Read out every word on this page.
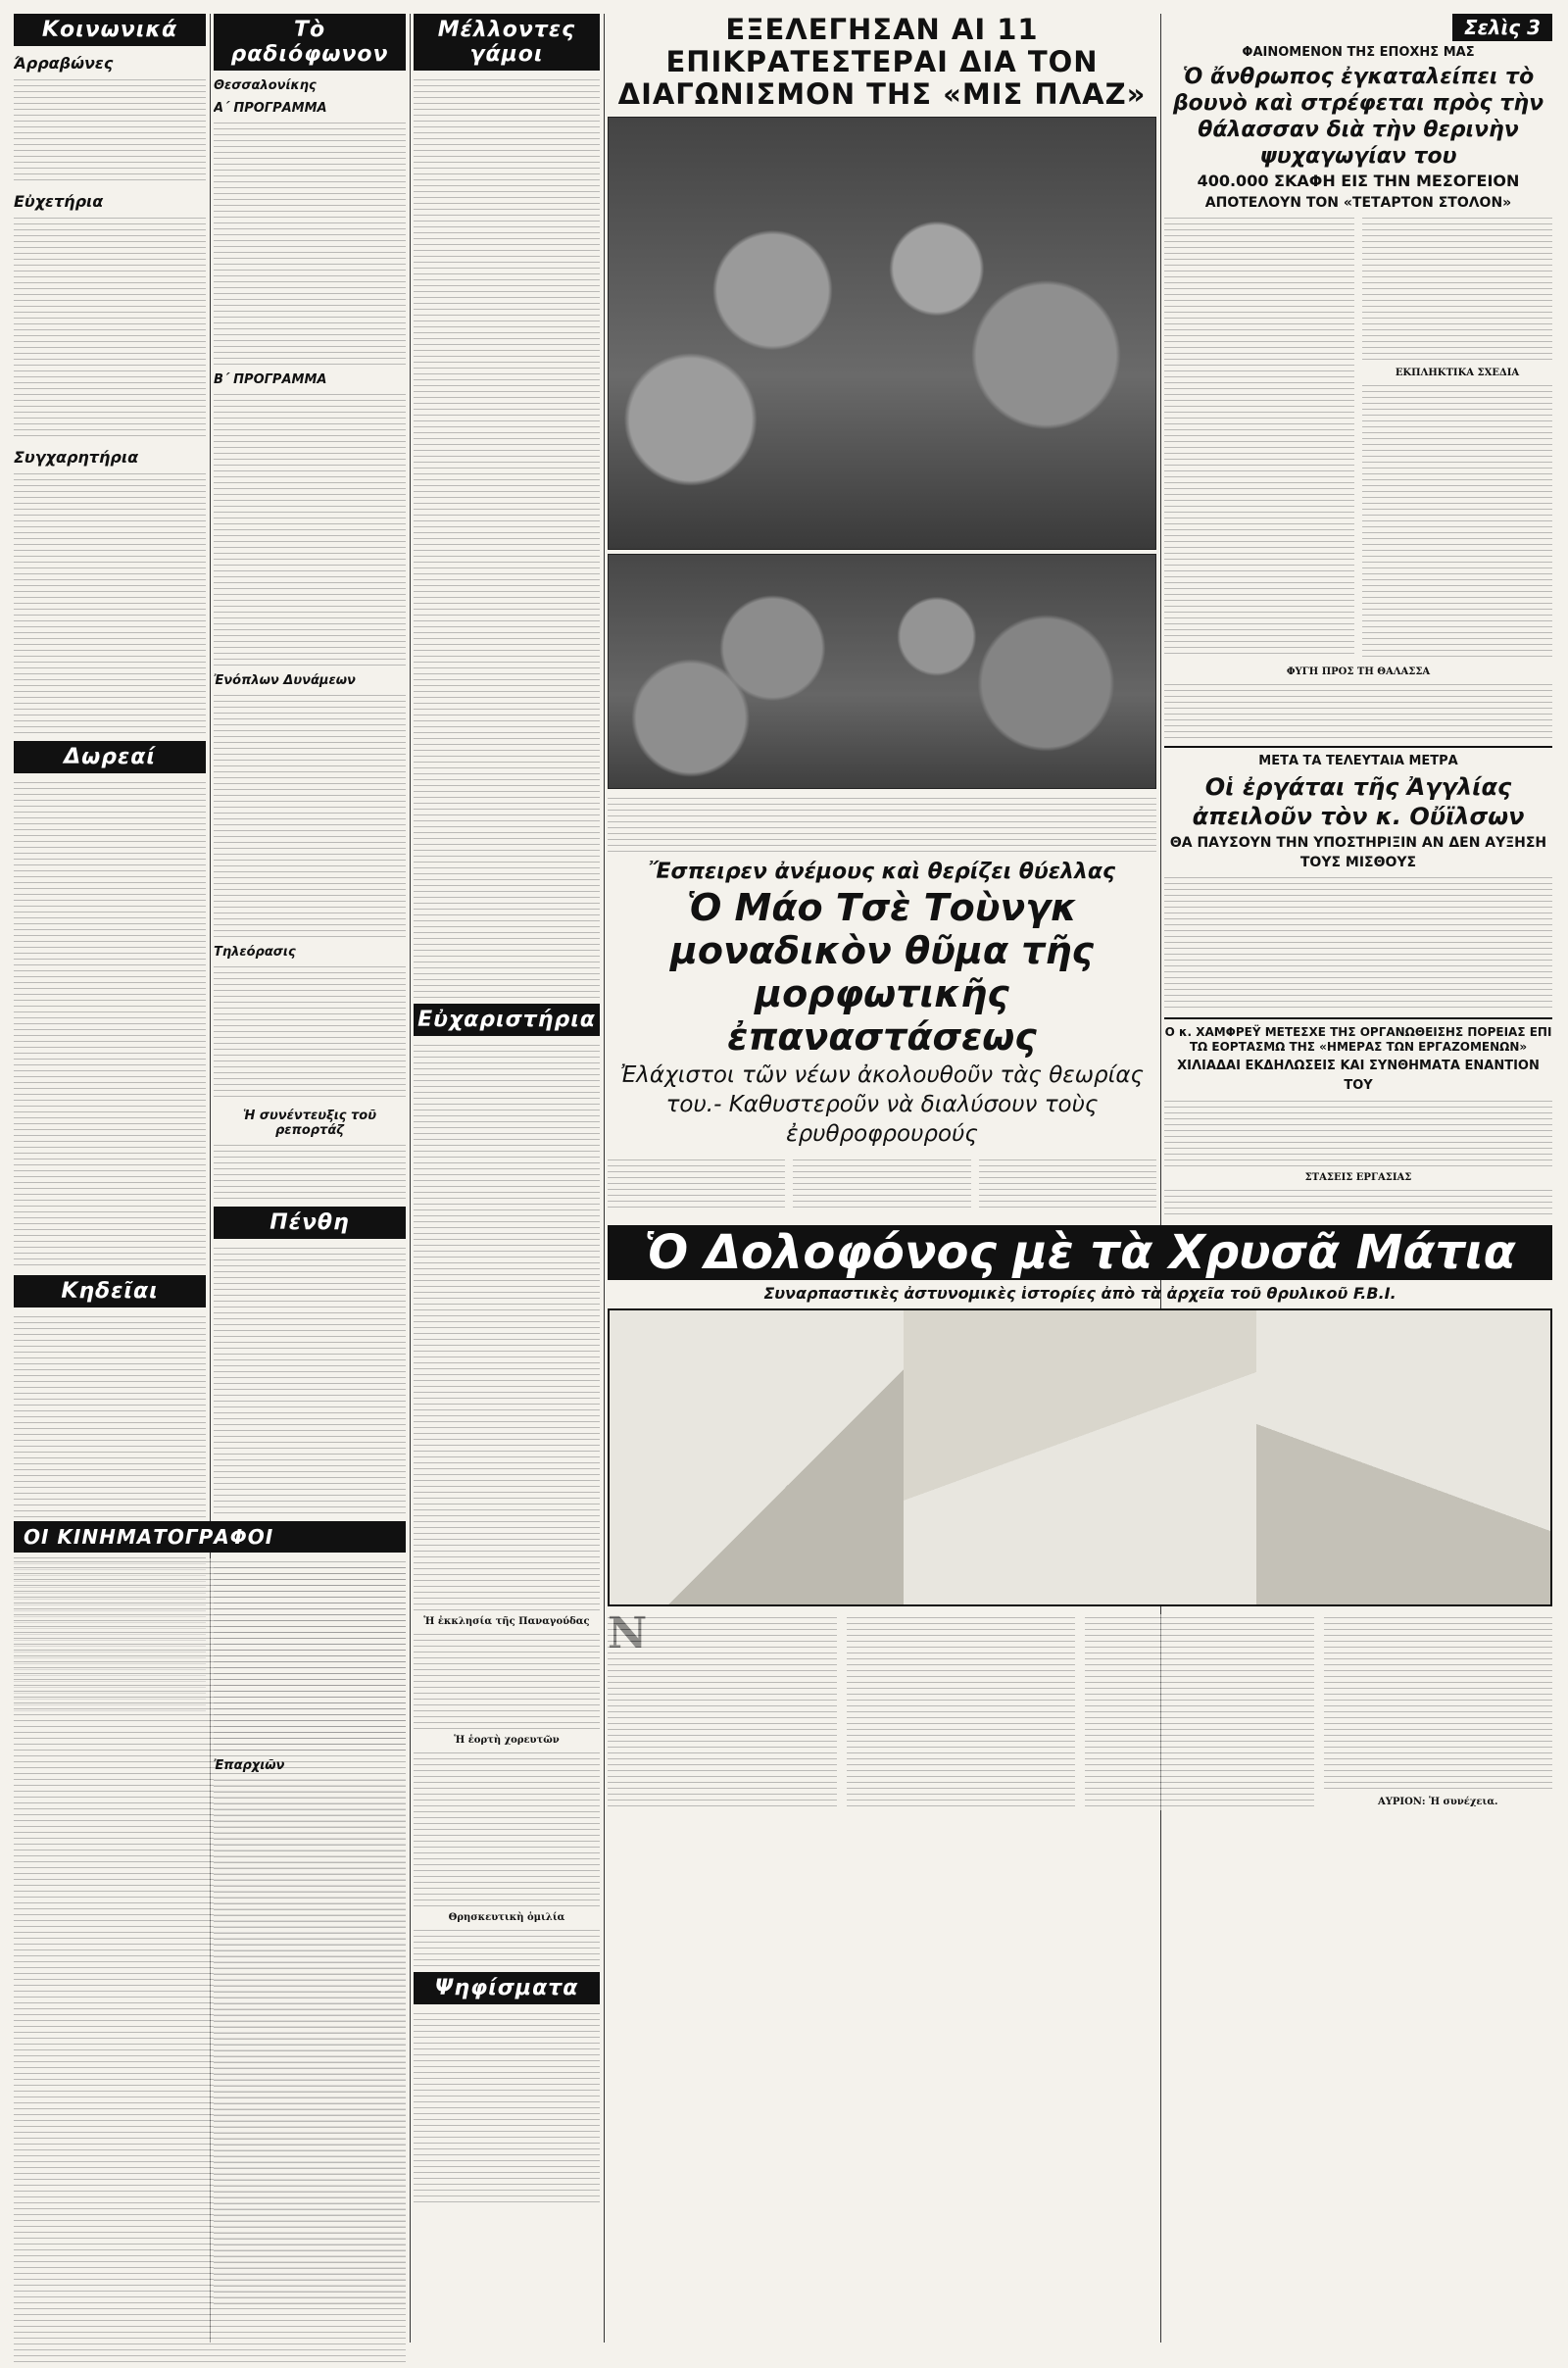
Κοινωνικά
Άρραβώνες
Εὐχετήρια
Συγχαρητήρια
Δωρεαί
Κηδεῖαι
ΟΙ ΚΙΝΗΜΑΤΟΓΡΑΦΟΙ
Τὸ ραδιόφωνον
Θεσσαλονίκης
Α΄ ΠΡΟΓΡΑΜΜΑ
Β΄ ΠΡΟΓΡΑΜΜΑ
Ἐνόπλων Δυνάμεων
Τηλεόρασις
Ἡ συνέντευξις τοῦ ρεπορτάζ
Πένθη
Ἐπαρχιῶν
Μέλλοντες γάμοι
Εὐχαριστήρια
Ἡ ἐκκλησία τῆς Παναγούδας
Ἡ ἑορτὴ χορευτῶν
Θρησκευτικὴ ὁμιλία
Ψηφίσματα
ΕΞΕΛΕΓΗΣΑΝ ΑΙ 11 ΕΠΙΚΡΑΤΕΣΤΕΡΑΙ ΔΙΑ ΤΟΝ ΔΙΑΓΩΝΙΣΜΟΝ ΤΗΣ «ΜΙΣ ΠΛΑΖ»
Ἔσπειρεν ἀνέμους καὶ θερίζει θύελλας
Ὁ Μάο Τσὲ Τοὺνγκ μοναδικὸν θῦμα τῆς μορφωτικῆς ἐπαναστάσεως
Ἐλάχιστοι τῶν νέων ἀκολουθοῦν τὰς θεωρίας του.- Καθυστεροῦν νὰ διαλύσουν τοὺς ἐρυθροφρουρούς
Σελὶς 3
ΦΑΙΝΟΜΕΝΟΝ ΤΗΣ ΕΠΟΧΗΣ ΜΑΣ
Ὁ ἄνθρωπος ἐγκαταλείπει τὸ βουνὸ καὶ στρέφεται πρὸς τὴν θάλασσαν διὰ τὴν θερινὴν ψυχαγωγίαν του
400.000 ΣΚΑΦΗ ΕΙΣ ΤΗΝ ΜΕΣΟΓΕΙΟΝ
ΑΠΟΤΕΛΟΥΝ ΤΟΝ «ΤΕΤΑΡΤΟΝ ΣΤΟΛΟΝ»
ΕΚΠΛΗΚΤΙΚΑ ΣΧΕΔΙΑ
ΦΥΓΗ ΠΡΟΣ ΤΗ ΘΑΛΑΣΣΑ
ΜΕΤΑ ΤΑ ΤΕΛΕΥΤΑΙΑ ΜΕΤΡΑ
Οἱ ἐργάται τῆς Ἀγγλίας ἀπειλοῦν τὸν κ. Οὔϊλσων
ΘΑ ΠΑΥΣΟΥΝ ΤΗΝ ΥΠΟΣΤΗΡΙΞΙΝ ΑΝ ΔΕΝ ΑΥΞΗΣΗ ΤΟΥΣ ΜΙΣΘΟΥΣ
Ο κ. ΧΑΜΦΡΕΫ ΜΕΤΕΣΧΕ ΤΗΣ ΟΡΓΑΝΩΘΕΙΣΗΣ ΠΟΡΕΙΑΣ ΕΠΙ ΤΩ ΕΟΡΤΑΣΜΩ ΤΗΣ «ΗΜΕΡΑΣ ΤΩΝ ΕΡΓΑΖΟΜΕΝΩΝ»
ΧΙΛΙΑΔΑΙ ΕΚΔΗΛΩΣΕΙΣ ΚΑΙ ΣΥΝΘΗΜΑΤΑ ΕΝΑΝΤΙΟΝ ΤΟΥ
ΣΤΑΣΕΙΣ ΕΡΓΑΣΙΑΣ
Ὁ Δολοφόνος μὲ τὰ Χρυσᾶ Μάτια
Συναρπαστικὲς ἀστυνομικὲς ἱστορίες ἀπὸ τὰ ἀρχεῖα τοῦ θρυλικοῦ F.B.I.
ΑΥΡΙΟΝ: Ἡ συνέχεια.
